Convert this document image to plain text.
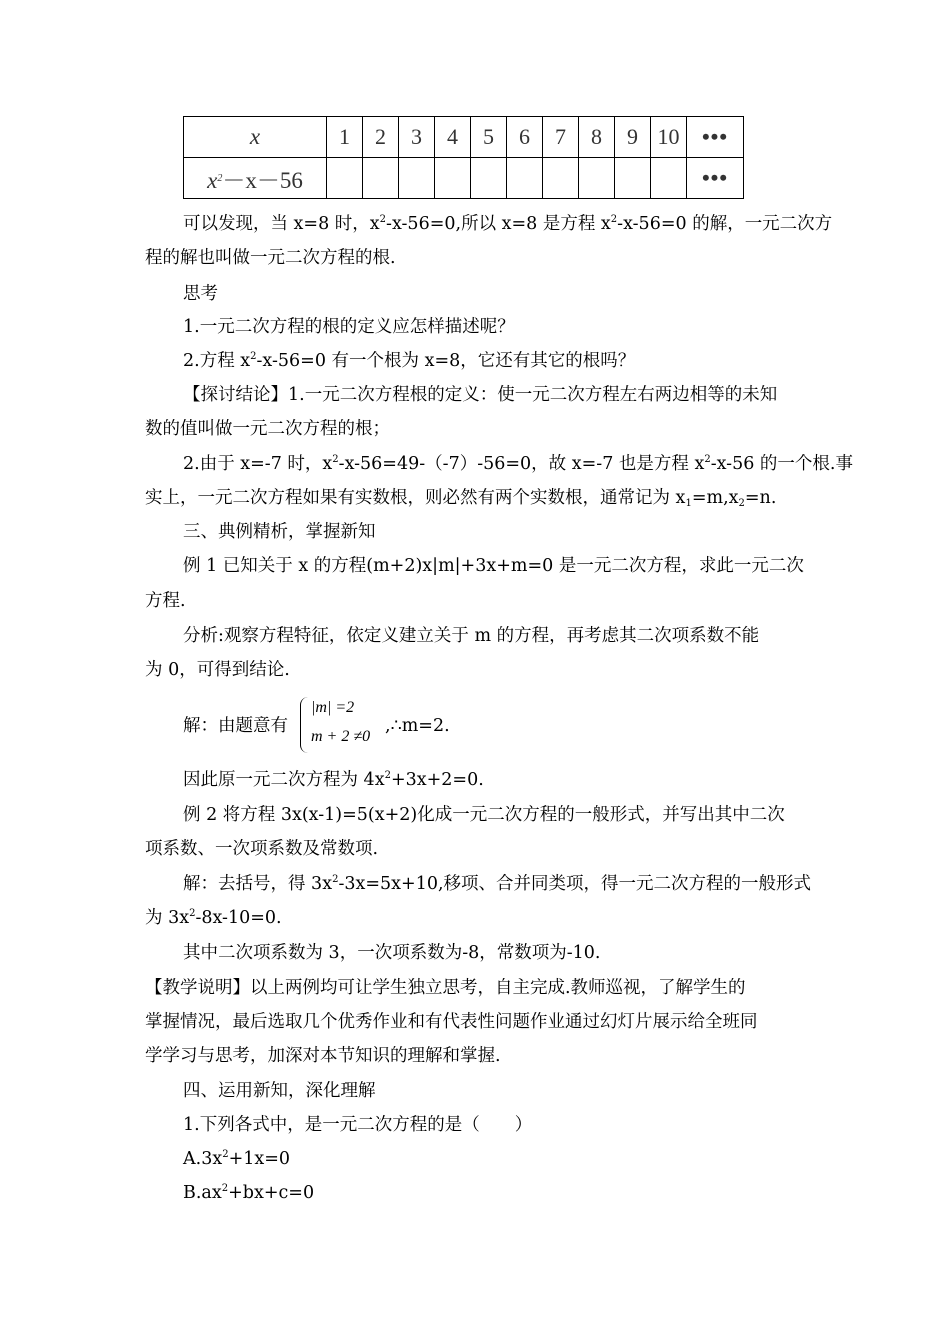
x	1	2	3	4	5	6	7	8	9	10	•••
$x^2-x-56$											•••
可以发现，当 x=8 时，$x^2-x-56=0$,所以 x=8 是方程 $x^2-x-56=0$ 的解，一元二次方
程的解也叫做一元二次方程的根.
思考
1.一元二次方程的根的定义应怎样描述呢？
2.方程 $x^2-x-56=0$ 有一个根为 x=8，它还有其它的根吗？
【探讨结论】1.一元二次方程根的定义：使一元二次方程左右两边相等的未知
数的值叫做一元二次方程的根；
2.由于 x=-7 时，$x^2-x-56=49-(-7)-56=0$，故 x=-7 也是方程 $x^2-x-56$ 的一个根.事
实上，一元二次方程如果有实数根，则必然有两个实数根，通常记为 $x_1=m,x_2=n$.
三、典例精析，掌握新知
例 1 已知关于 x 的方程(m+2)x|m|+3x+m=0 是一元二次方程，求此一元二次
方程.
分析:观察方程特征，依定义建立关于 m 的方程，再考虑其二次项系数不能
为 0，可得到结论.
解：由题意有
|m| =2
m + 2 ≠0
,∴m=2.
因此原一元二次方程为 $4x^2+3x+2=0$.
例 2 将方程 3x(x-1)=5(x+2)化成一元二次方程的一般形式，并写出其中二次
项系数、一次项系数及常数项.
解：去括号，得 $3x^2-3x=5x+10$,移项、合并同类项，得一元二次方程的一般形式
为 $3x^2-8x-10=0$.
其中二次项系数为 3，一次项系数为-8，常数项为-10.
【教学说明】以上两例均可让学生独立思考，自主完成.教师巡视，了解学生的
掌握情况，最后选取几个优秀作业和有代表性问题作业通过幻灯片展示给全班同
学学习与思考，加深对本节知识的理解和掌握.
四、运用新知，深化理解
1.下列各式中，是一元二次方程的是（　　）
$A.3x^2+1x=0$
$B.ax^2+bx+c=0$
